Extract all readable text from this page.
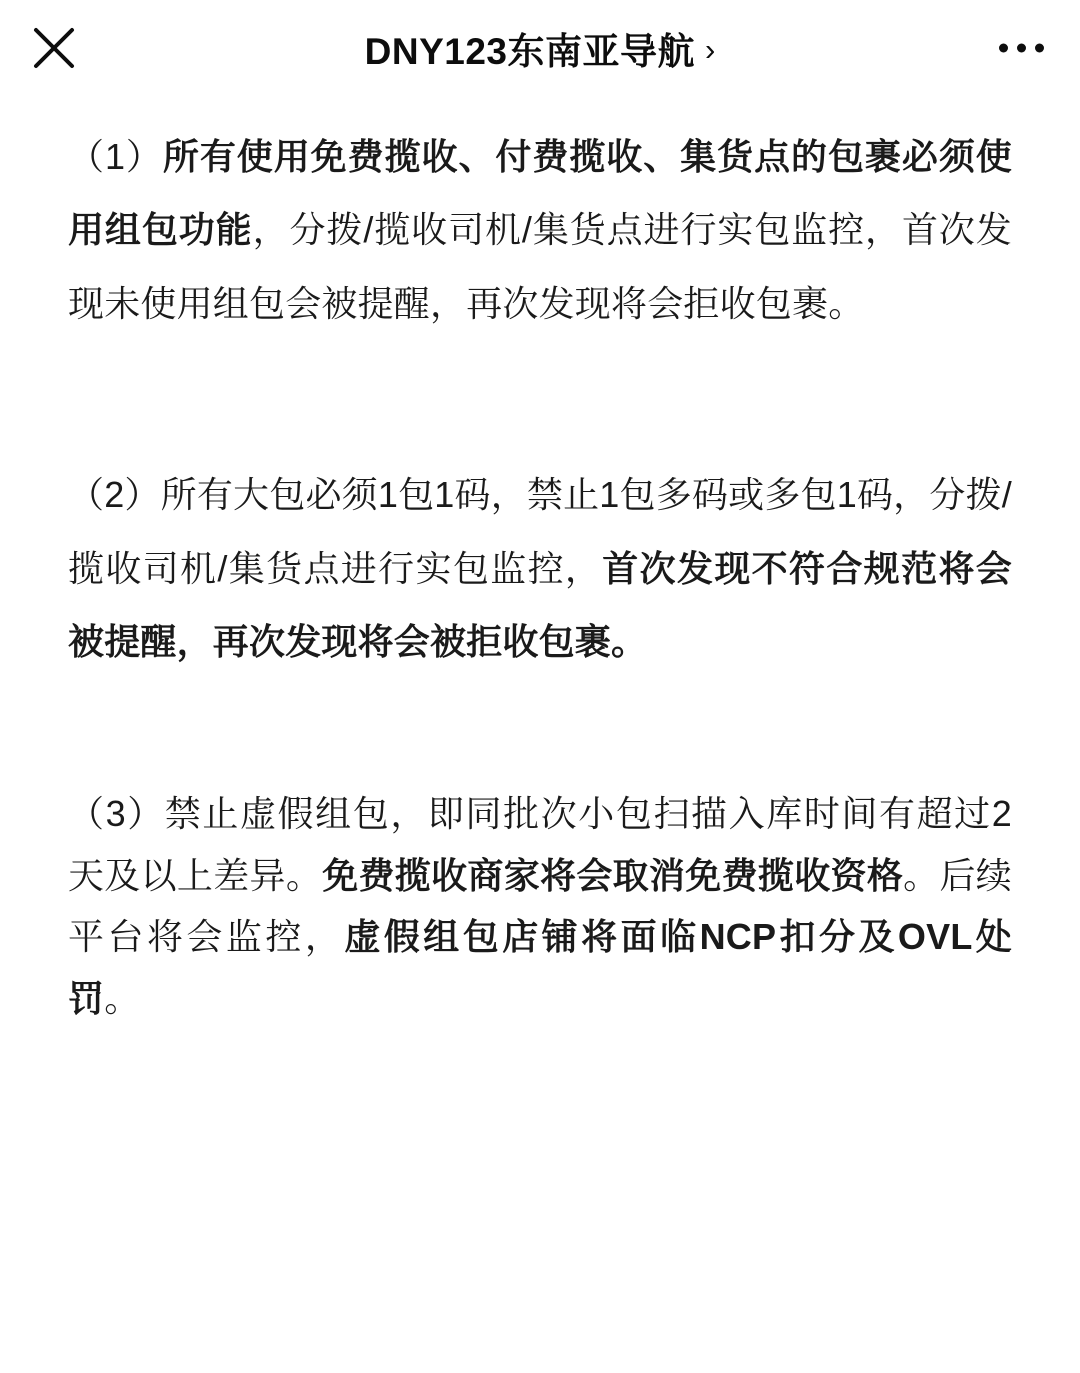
DNY123东南亚导航 ›

（1）所有使用免费揽收、付费揽收、集货点的包裹必须使用组包功能，分拨/揽收司机/集货点进行实包监控，首次发现未使用组包会被提醒，再次发现将会拒收包裹。

（2）所有大包必须1包1码，禁止1包多码或多包1码，分拨/揽收司机/集货点进行实包监控，首次发现不符合规范将会被提醒，再次发现将会被拒收包裹。

（3）禁止虚假组包，即同批次小包扫描入库时间有超过2天及以上差异。免费揽收商家将会取消免费揽收资格。后续平台将会监控，虚假组包店铺将面临NCP扣分及OVL处罚。
